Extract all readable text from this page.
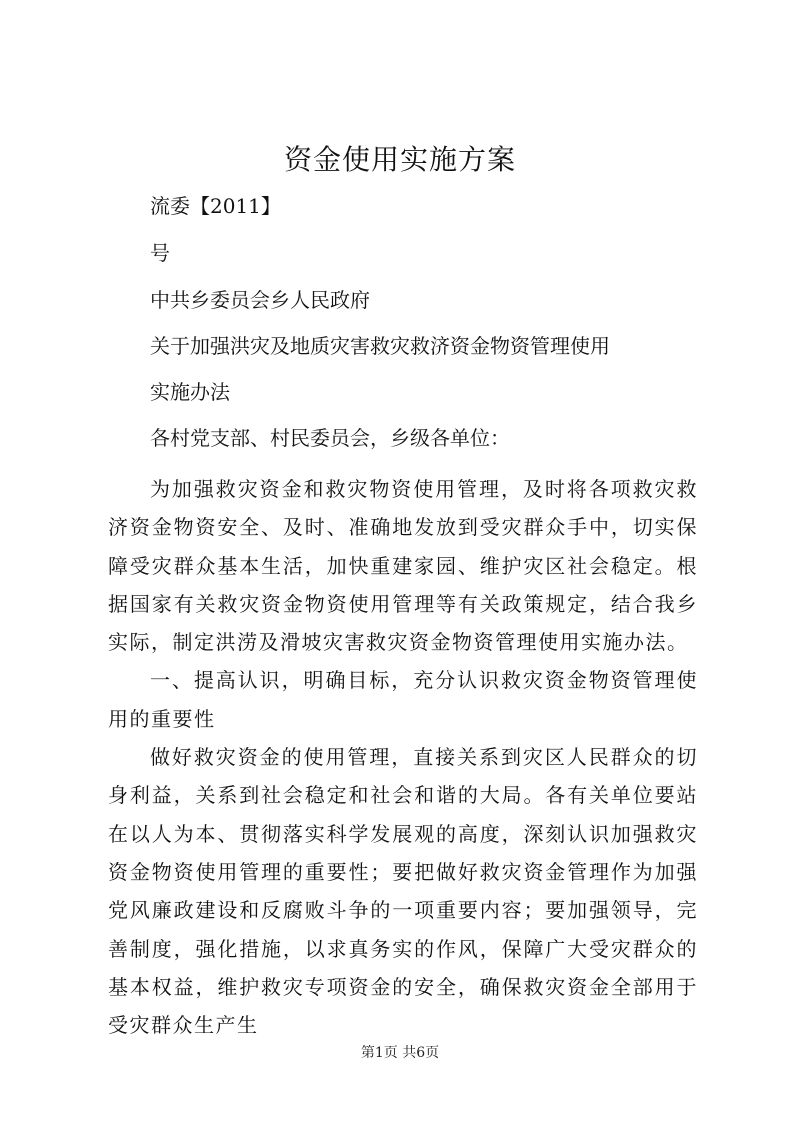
资金使用实施方案
流委【2011】
号
中共乡委员会乡人民政府
关于加强洪灾及地质灾害救灾救济资金物资管理使用
实施办法
各村党支部、村民委员会，乡级各单位：

为加强救灾资金和救灾物资使用管理，及时将各项救灾救济资金物资安全、及时、准确地发放到受灾群众手中，切实保障受灾群众基本生活，加快重建家园、维护灾区社会稳定。根据国家有关救灾资金物资使用管理等有关政策规定，结合我乡实际，制定洪涝及滑坡灾害救灾资金物资管理使用实施办法。

一、提高认识，明确目标，充分认识救灾资金物资管理使用的重要性

做好救灾资金的使用管理，直接关系到灾区人民群众的切身利益，关系到社会稳定和社会和谐的大局。各有关单位要站在以人为本、贯彻落实科学发展观的高度，深刻认识加强救灾资金物资使用管理的重要性；要把做好救灾资金管理作为加强党风廉政建设和反腐败斗争的一项重要内容；要加强领导，完善制度，强化措施，以求真务实的作风，保障广大受灾群众的基本权益，维护救灾专项资金的安全，确保救灾资金全部用于受灾群众生产生

第1页 共6页
